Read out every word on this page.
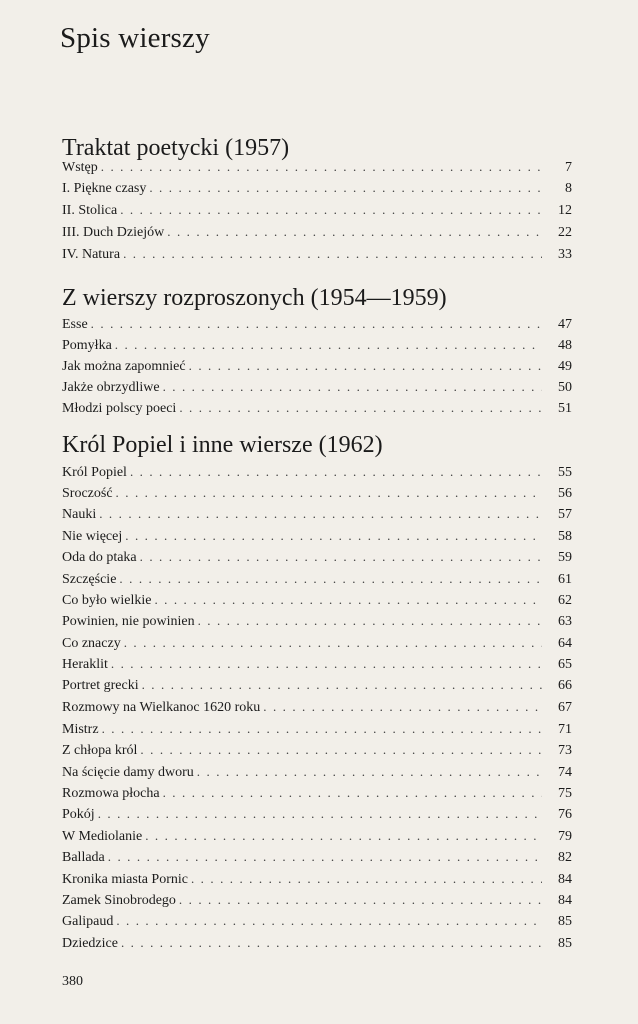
Spis wierszy
Traktat poetycki (1957)
Wstęp . . .	7
I. Piękne czasy . . .	8
II. Stolica . . .	12
III. Duch Dziejów . . .	22
IV. Natura . . .	33
Z wierszy rozproszonych (1954—1959)
Esse . . .	47
Pomyłka . . .	48
Jak można zapomnieć . . .	49
Jakże obrzydliwe . . .	50
Młodzi polscy poeci . . .	51
Król Popiel i inne wiersze (1962)
Król Popiel . . .	55
Sroczość . . .	56
Nauki . . .	57
Nie więcej . . .	58
Oda do ptaka . . .	59
Szczęście . . .	61
Co było wielkie . . .	62
Powinien, nie powinien . . .	63
Co znaczy . . .	64
Heraklit . . .	65
Portret grecki . . .	66
Rozmowy na Wielkanoc 1620 roku . . .	67
Mistrz . . .	71
Z chłopa król . . .	73
Na ścięcie damy dworu . . .	74
Rozmowa płocha . . .	75
Pokój . . .	76
W Mediolanie . . .	79
Ballada . . .	82
Kronika miasta Pornic . . .	84
Zamek Sinobrodego . . .	84
Galipaud . . .	85
Dziedzice . . .	85
380
